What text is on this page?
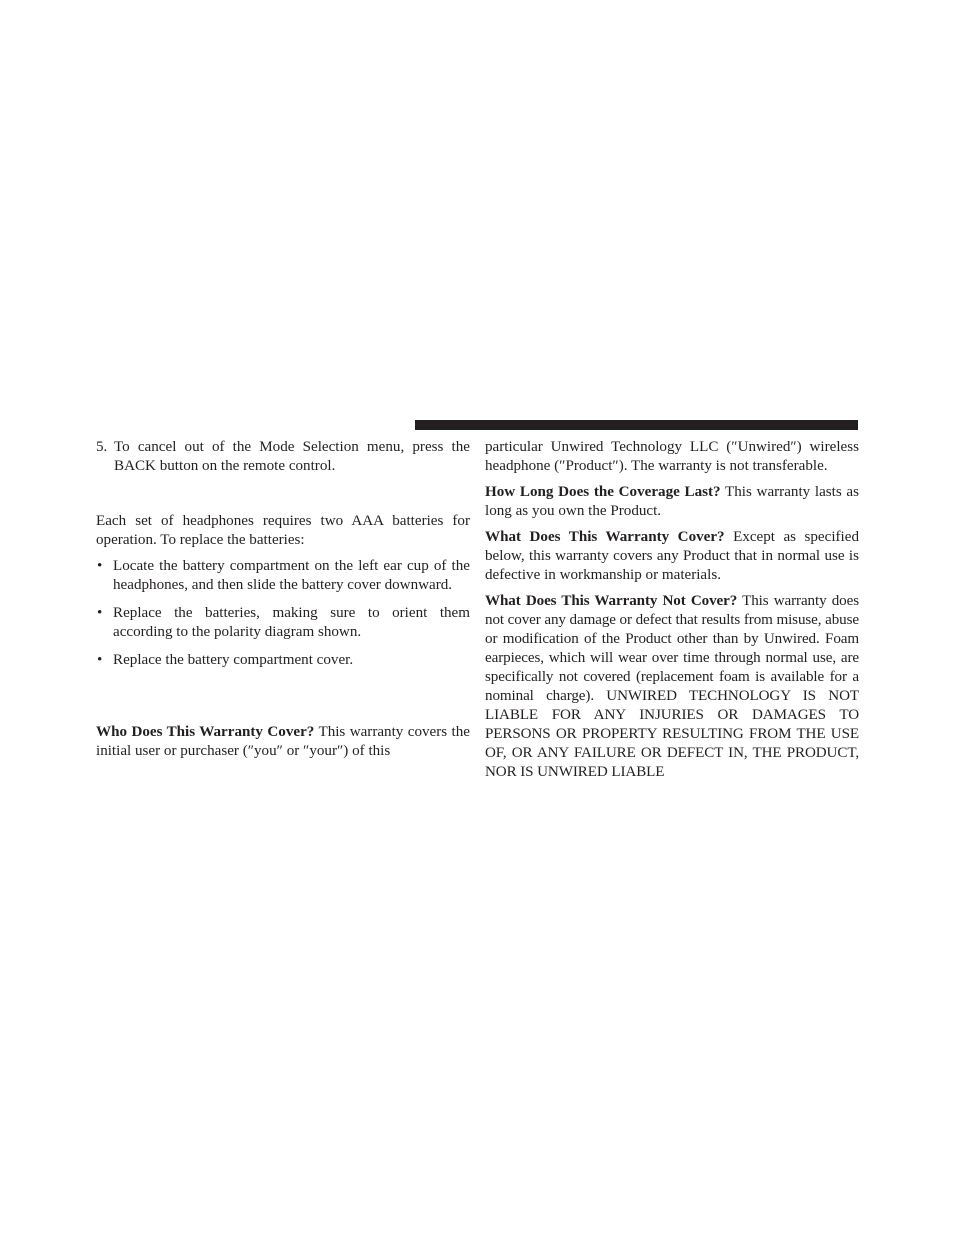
5. To cancel out of the Mode Selection menu, press the BACK button on the remote control.

Each set of headphones requires two AAA batteries for operation. To replace the batteries:

• Locate the battery compartment on the left ear cup of the headphones, and then slide the battery cover downward.
• Replace the batteries, making sure to orient them according to the polarity diagram shown.
• Replace the battery compartment cover.

Who Does This Warranty Cover? This warranty covers the initial user or purchaser (″you″ or ″your″) of this

particular Unwired Technology LLC (″Unwired″) wireless headphone (″Product″). The warranty is not transferable.

How Long Does the Coverage Last? This warranty lasts as long as you own the Product.

What Does This Warranty Cover? Except as specified below, this warranty covers any Product that in normal use is defective in workmanship or materials.

What Does This Warranty Not Cover? This warranty does not cover any damage or defect that results from misuse, abuse or modification of the Product other than by Unwired. Foam earpieces, which will wear over time through normal use, are specifically not covered (replacement foam is available for a nominal charge). UNWIRED TECHNOLOGY IS NOT LIABLE FOR ANY INJURIES OR DAMAGES TO PERSONS OR PROPERTY RESULTING FROM THE USE OF, OR ANY FAILURE OR DEFECT IN, THE PRODUCT, NOR IS UNWIRED LIABLE
